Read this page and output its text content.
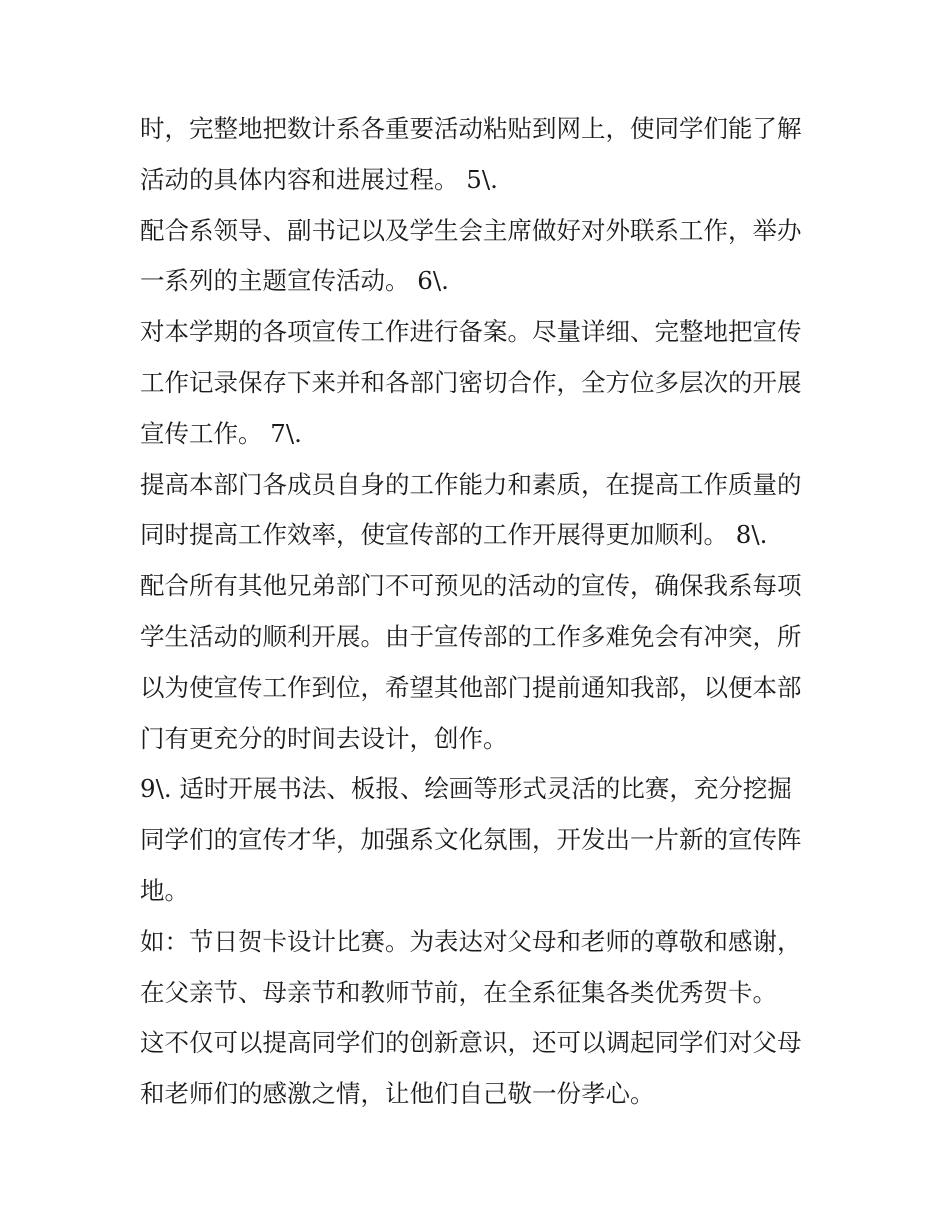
时，完整地把数计系各重要活动粘贴到网上，使同学们能了解
活动的具体内容和进展过程。 5\.
配合系领导、副书记以及学生会主席做好对外联系工作，举办
一系列的主题宣传活动。 6\.
对本学期的各项宣传工作进行备案。尽量详细、完整地把宣传
工作记录保存下来并和各部门密切合作，全方位多层次的开展
宣传工作。 7\.
提高本部门各成员自身的工作能力和素质，在提高工作质量的
同时提高工作效率，使宣传部的工作开展得更加顺利。 8\.
配合所有其他兄弟部门不可预见的活动的宣传，确保我系每项
学生活动的顺利开展。由于宣传部的工作多难免会有冲突，所
以为使宣传工作到位，希望其他部门提前通知我部，以便本部
门有更充分的时间去设计，创作。
9\. 适时开展书法、板报、绘画等形式灵活的比赛，充分挖掘
同学们的宣传才华，加强系文化氛围，开发出一片新的宣传阵
地。
如：节日贺卡设计比赛。为表达对父母和老师的尊敬和感谢，
在父亲节、母亲节和教师节前，在全系征集各类优秀贺卡。
这不仅可以提高同学们的创新意识，还可以调起同学们对父母
和老师们的感激之情，让他们自己敬一份孝心。
